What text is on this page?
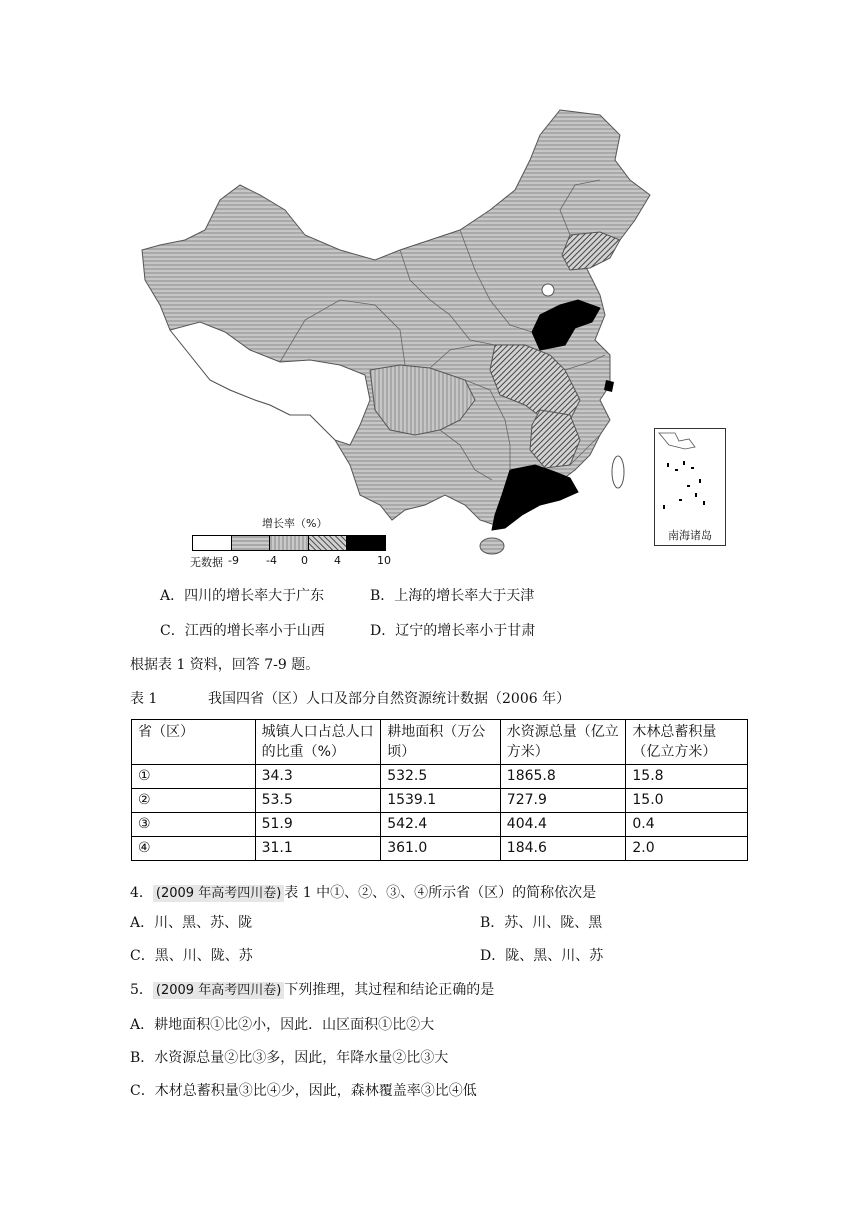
增长率（%）
无数据 -9 -4 0 4	10
南海诸岛
A．四川的增长率大于广东	B．上海的增长率大于天津
C．江西的增长率小于山西	D．辽宁的增长率小于甘肃
根据表 1 资料，回答 7-9 题。
表 1	我国四省（区）人口及部分自然资源统计数据（2006 年）
省（区）	城镇人口占总人口的比重（%）	耕地面积（万公顷）	水资源总量（亿立方米）	木林总蓄积量（亿立方米）
①	34.3	532.5	1865.8	15.8
②	53.5	1539.1	727.9	15.0
③	51.9	542.4	404.4	0.4
④	31.1	361.0	184.6	2.0
4． (2009 年高考四川卷) 表 1 中①、②、③、④所示省（区）的简称依次是
A．川、黑、苏、陇	B．苏、川、陇、黑
C．黑、川、陇、苏	D．陇、黑、川、苏
5． (2009 年高考四川卷) 下列推理，其过程和结论正确的是
A．耕地面积①比②小，因此．山区面积①比②大
B．水资源总量②比③多，因此，年降水量②比③大
C．木材总蓄积量③比④少，因此，森林覆盖率③比④低
